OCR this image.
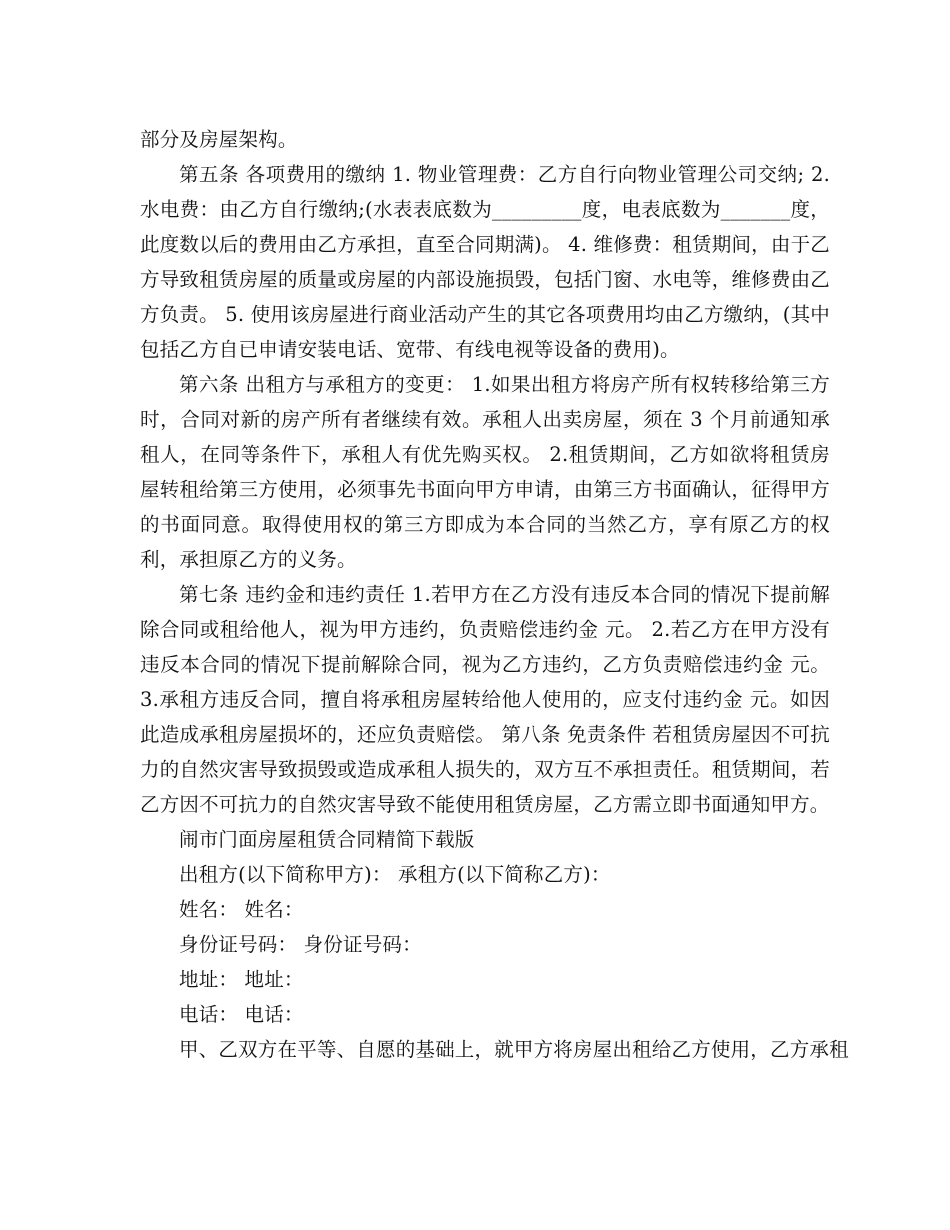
部分及房屋架构。

第五条 各项费用的缴纳 1. 物业管理费：乙方自行向物业管理公司交纳; 2. 水电费：由乙方自行缴纳;(水表表底数为_________度，电表底数为_______度，此度数以后的费用由乙方承担，直至合同期满)。 4. 维修费：租赁期间，由于乙方导致租赁房屋的质量或房屋的内部设施损毁，包括门窗、水电等，维修费由乙方负责。 5. 使用该房屋进行商业活动产生的其它各项费用均由乙方缴纳，(其中包括乙方自已申请安装电话、宽带、有线电视等设备的费用)。

第六条 出租方与承租方的变更： 1.如果出租方将房产所有权转移给第三方时，合同对新的房产所有者继续有效。承租人出卖房屋，须在 3 个月前通知承租人，在同等条件下，承租人有优先购买权。 2.租赁期间，乙方如欲将租赁房屋转租给第三方使用，必须事先书面向甲方申请，由第三方书面确认，征得甲方的书面同意。取得使用权的第三方即成为本合同的当然乙方，享有原乙方的权利，承担原乙方的义务。

第七条 违约金和违约责任 1.若甲方在乙方没有违反本合同的情况下提前解除合同或租给他人，视为甲方违约，负责赔偿违约金 元。 2.若乙方在甲方没有违反本合同的情况下提前解除合同，视为乙方违约，乙方负责赔偿违约金 元。 3.承租方违反合同，擅自将承租房屋转给他人使用的，应支付违约金 元。如因此造成承租房屋损坏的，还应负责赔偿。 第八条 免责条件 若租赁房屋因不可抗力的自然灾害导致损毁或造成承租人损失的，双方互不承担责任。租赁期间，若乙方因不可抗力的自然灾害导致不能使用租赁房屋，乙方需立即书面通知甲方。

闹市门面房屋租赁合同精简下载版

出租方(以下简称甲方)： 承租方(以下简称乙方)：

姓名： 姓名：

身份证号码： 身份证号码：

地址： 地址：

电话： 电话：

甲、乙双方在平等、自愿的基础上，就甲方将房屋出租给乙方使用，乙方承租
